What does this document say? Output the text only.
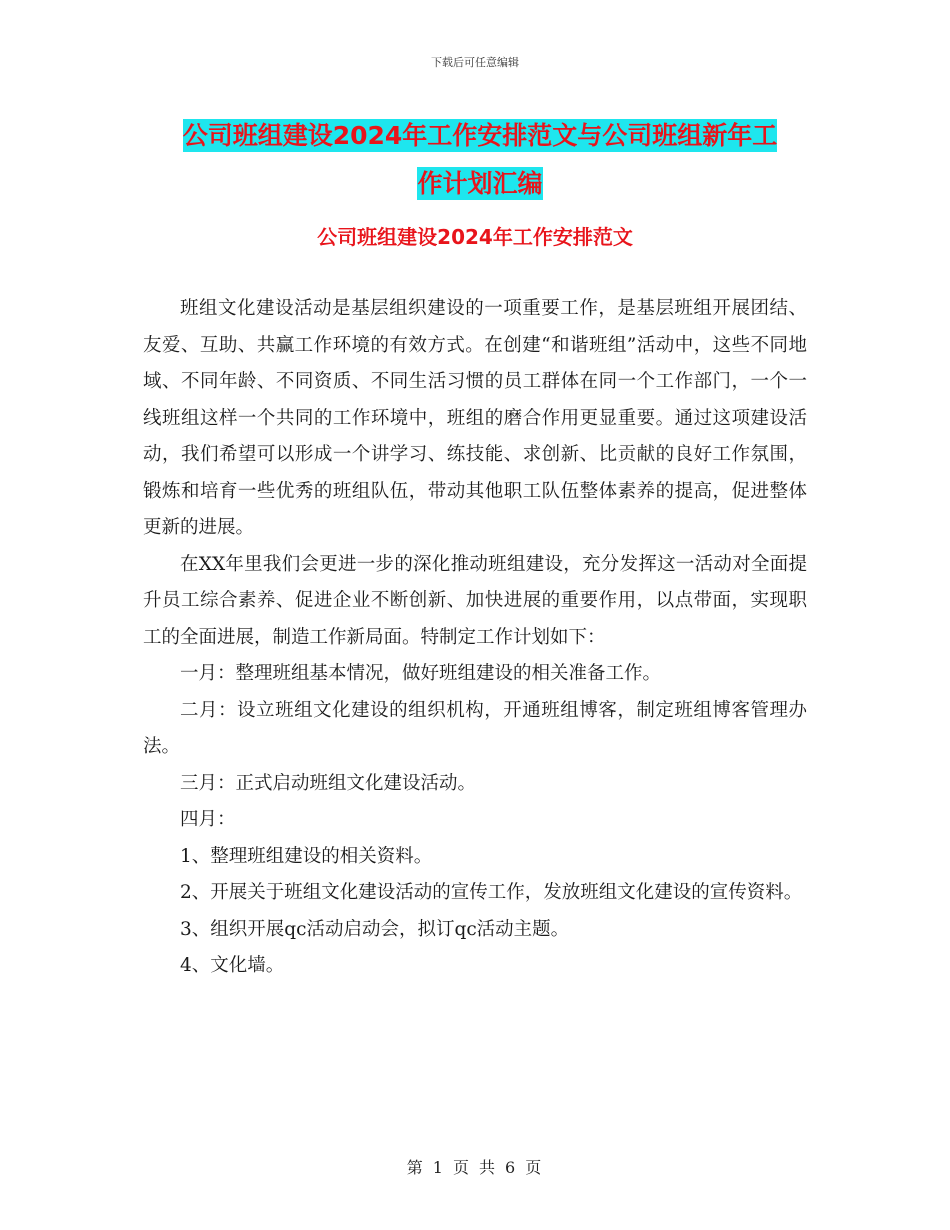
下载后可任意编辑
公司班组建设2024年工作安排范文与公司班组新年工
作计划汇编
公司班组建设2024年工作安排范文

班组文化建设活动是基层组织建设的一项重要工作，是基层班组开展团结、友爱、互助、共赢工作环境的有效方式。在创建“和谐班组”活动中，这些不同地域、不同年龄、不同资质、不同生活习惯的员工群体在同一个工作部门，一个一线班组这样一个共同的工作环境中，班组的磨合作用更显重要。通过这项建设活动，我们希望可以形成一个讲学习、练技能、求创新、比贡献的良好工作氛围，锻炼和培育一些优秀的班组队伍，带动其他职工队伍整体素养的提高，促进整体更新的进展。

在XX年里我们会更进一步的深化推动班组建设，充分发挥这一活动对全面提升员工综合素养、促进企业不断创新、加快进展的重要作用，以点带面，实现职工的全面进展，制造工作新局面。特制定工作计划如下：

一月：整理班组基本情况，做好班组建设的相关准备工作。

二月：设立班组文化建设的组织机构，开通班组博客，制定班组博客管理办法。

三月：正式启动班组文化建设活动。

四月：

1、整理班组建设的相关资料。

2、开展关于班组文化建设活动的宣传工作，发放班组文化建设的宣传资料。

3、组织开展qc活动启动会，拟订qc活动主题。

4、文化墙。

第 1 页 共 6 页
